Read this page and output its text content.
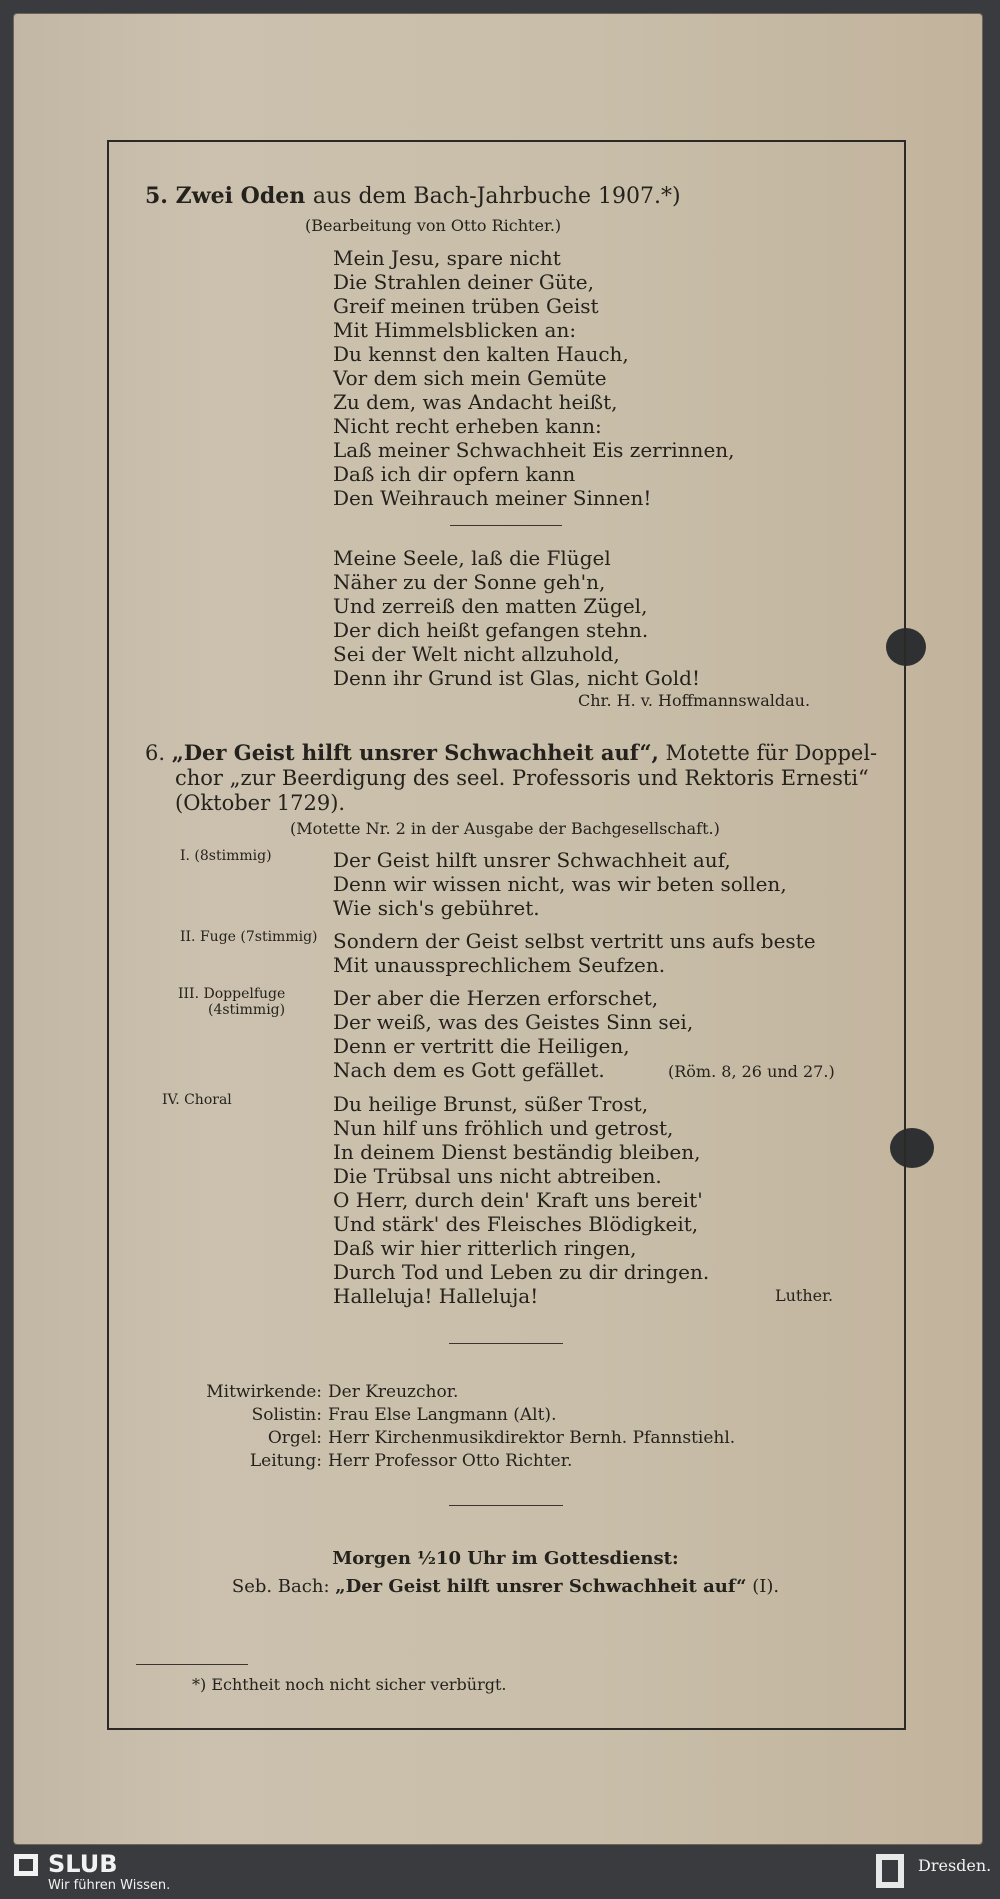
5. Zwei Oden aus dem Bach-Jahrbuche 1907.*)
(Bearbeitung von Otto Richter.)
Mein Jesu, spare nicht
Die Strahlen deiner Güte,
Greif meinen trüben Geist
Mit Himmelsblicken an:
Du kennst den kalten Hauch,
Vor dem sich mein Gemüte
Zu dem, was Andacht heißt,
Nicht recht erheben kann:
Laß meiner Schwachheit Eis zerrinnen,
Daß ich dir opfern kann
Den Weihrauch meiner Sinnen!
Meine Seele, laß die Flügel
Näher zu der Sonne geh'n,
Und zerreiß den matten Zügel,
Der dich heißt gefangen stehn.
Sei der Welt nicht allzuhold,
Denn ihr Grund ist Glas, nicht Gold!
Chr. H. v. Hoffmannswaldau.
6. „Der Geist hilft unsrer Schwachheit auf“, Motette für Doppel-
chor „zur Beerdigung des seel. Professoris und Rektoris Ernesti“
(Oktober 1729).
(Motette Nr. 2 in der Ausgabe der Bachgesellschaft.)
I. (8stimmig)	Der Geist hilft unsrer Schwachheit auf,
Denn wir wissen nicht, was wir beten sollen,
Wie sich's gebühret.
II. Fuge (7stimmig) Sondern der Geist selbst vertritt uns aufs beste
Mit unaussprechlichem Seufzen.
III. Doppelfuge
(4stimmig) Der aber die Herzen erforschet,
Der weiß, was des Geistes Sinn sei,
Denn er vertritt die Heiligen,
Nach dem es Gott gefället.	(Röm. 8, 26 und 27.)
IV. Choral	Du heilige Brunst, süßer Trost,
Nun hilf uns fröhlich und getrost,
In deinem Dienst beständig bleiben,
Die Trübsal uns nicht abtreiben.
O Herr, durch dein' Kraft uns bereit'
Und stärk' des Fleisches Blödigkeit,
Daß wir hier ritterlich ringen,
Durch Tod und Leben zu dir dringen.
Halleluja! Halleluja!	Luther.
Mitwirkende: Der Kreuzchor.
Solistin: Frau Else Langmann (Alt).
Orgel: Herr Kirchenmusikdirektor Bernh. Pfannstiehl.
Leitung: Herr Professor Otto Richter.
Morgen ½10 Uhr im Gottesdienst:
Seb. Bach: „Der Geist hilft unsrer Schwachheit auf“ (I).
*) Echtheit noch nicht sicher verbürgt.
SLUB
Wir führen Wissen.
Dresden.
